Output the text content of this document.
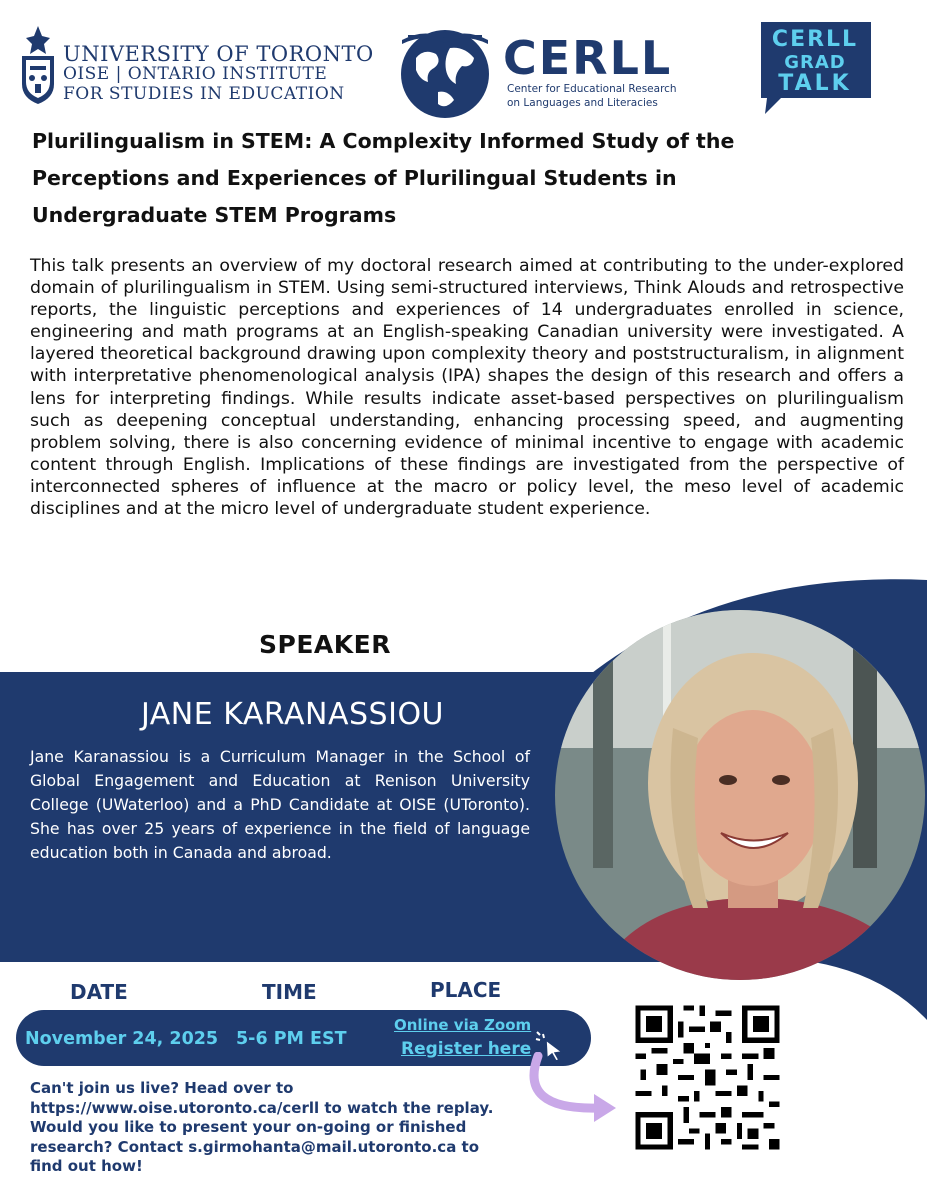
UNIVERSITY OF TORONTO
OISE | ONTARIO INSTITUTE
FOR STUDIES IN EDUCATION
CERLL
Center for Educational Research
on Languages and Literacies
CERLL
GRAD
TALK
Plurilingualism in STEM: A Complexity Informed Study of the
Perceptions and Experiences of Plurilingual Students in
Undergraduate STEM Programs
This talk presents an overview of my doctoral research aimed at contributing to the under-explored domain of plurilingualism in STEM. Using semi-structured interviews, Think Alouds and retrospective reports, the linguistic perceptions and experiences of 14 undergraduates enrolled in science, engineering and math programs at an English-speaking Canadian university were investigated. A layered theoretical background drawing upon complexity theory and poststructuralism, in alignment with interpretative phenomenological analysis (IPA) shapes the design of this research and offers a lens for interpreting findings. While results indicate asset-based perspectives on plurilingualism such as deepening conceptual understanding, enhancing processing speed, and augmenting problem solving, there is also concerning evidence of minimal incentive to engage with academic content through English. Implications of these findings are investigated from the perspective of interconnected spheres of influence at the macro or policy level, the meso level of academic disciplines and at the micro level of undergraduate student experience.
SPEAKER
JANE KARANASSIOU
Jane Karanassiou is a Curriculum Manager in the School of Global Engagement and Education at Renison University College (UWaterloo) and a PhD Candidate at OISE (UToronto). She has over 25 years of experience in the field of language education both in Canada and abroad.
DATE	TIME	PLACE
November 24, 2025 5-6 PM EST
Online via Zoom
Register here
Can't join us live? Head over to
https://www.oise.utoronto.ca/cerll to watch the replay.
Would you like to present your on-going or finished
research? Contact s.girmohanta@mail.utoronto.ca to
find out how!
